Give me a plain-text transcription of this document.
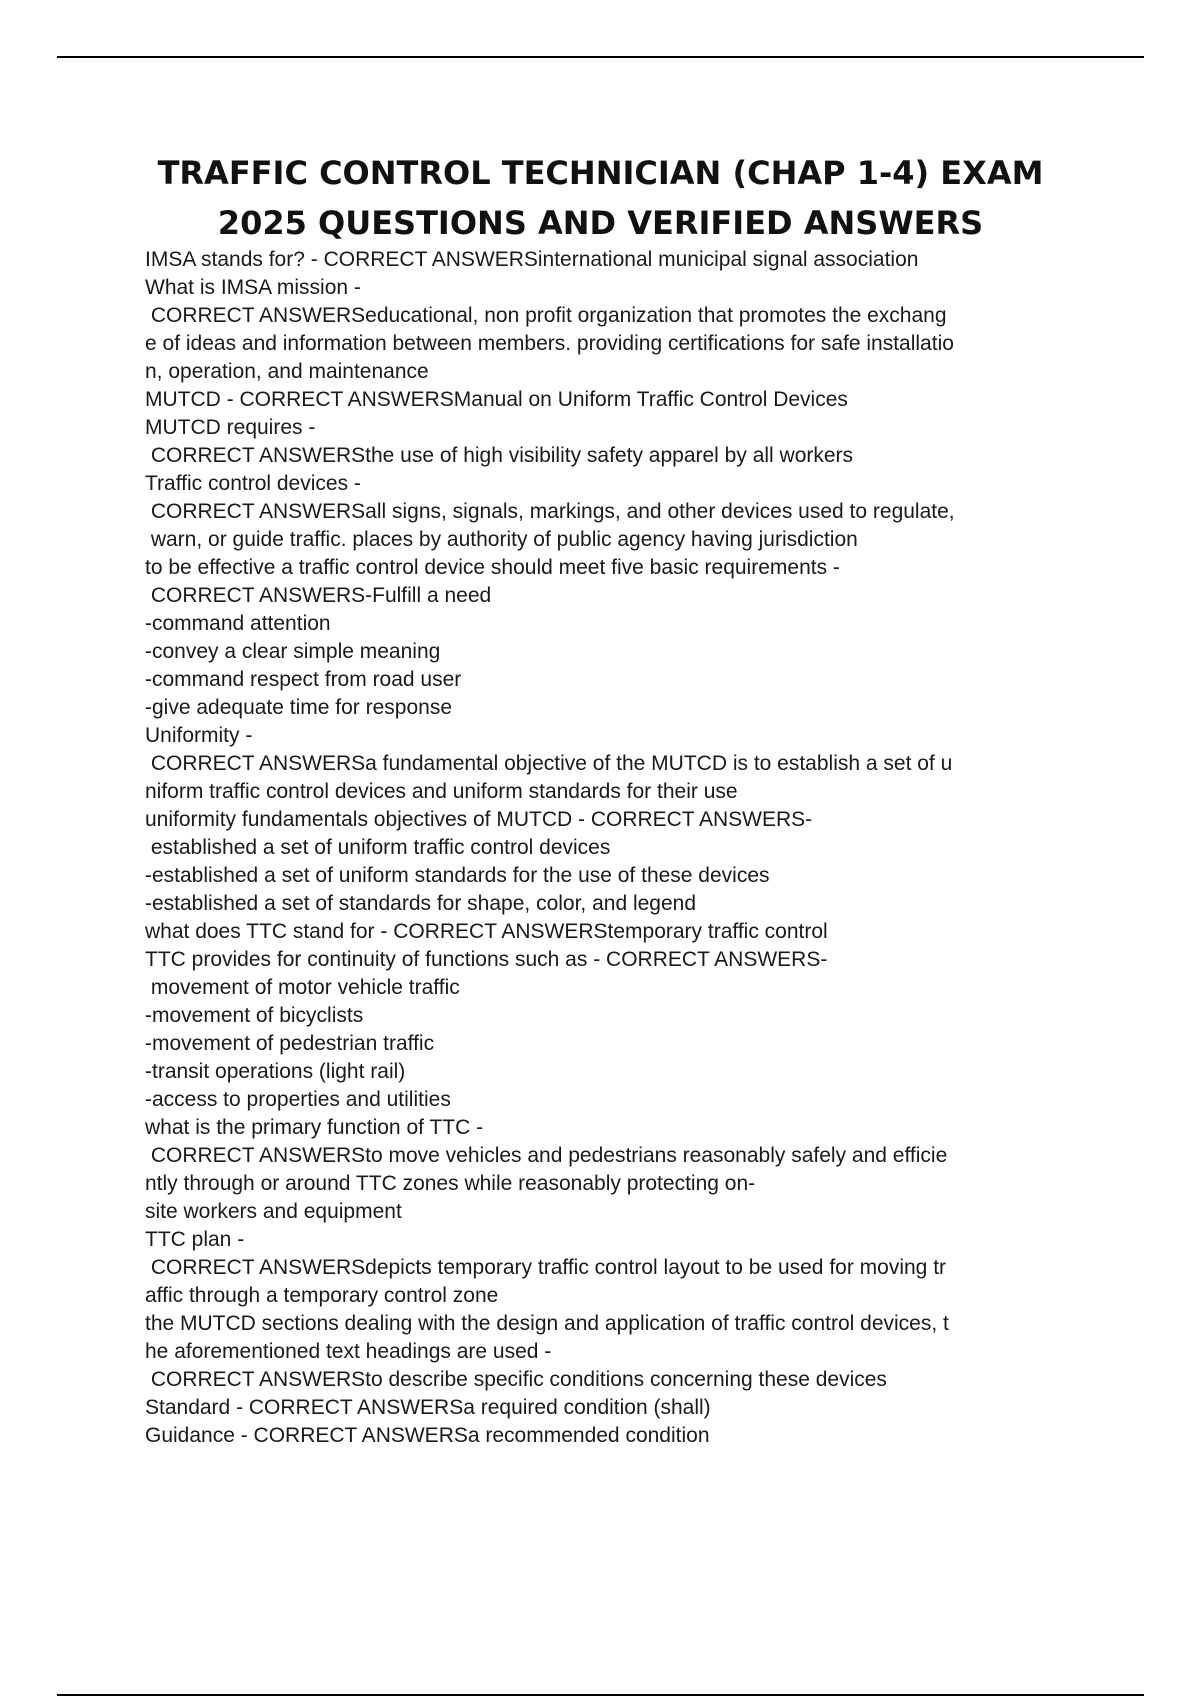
TRAFFIC CONTROL TECHNICIAN (CHAP 1-4) EXAM
2025 QUESTIONS AND VERIFIED ANSWERS
IMSA stands for? - CORRECT ANSWERSinternational municipal signal association
What is IMSA mission -
CORRECT ANSWERSeducational, non profit organization that promotes the exchang
e of ideas and information between members. providing certifications for safe installatio
n, operation, and maintenance
MUTCD - CORRECT ANSWERSManual on Uniform Traffic Control Devices
MUTCD requires -
CORRECT ANSWERSthe use of high visibility safety apparel by all workers
Traffic control devices -
CORRECT ANSWERSall signs, signals, markings, and other devices used to regulate,
warn, or guide traffic. places by authority of public agency having jurisdiction
to be effective a traffic control device should meet five basic requirements -
CORRECT ANSWERS-Fulfill a need
-command attention
-convey a clear simple meaning
-command respect from road user
-give adequate time for response
Uniformity -
CORRECT ANSWERSa fundamental objective of the MUTCD is to establish a set of u
niform traffic control devices and uniform standards for their use
uniformity fundamentals objectives of MUTCD - CORRECT ANSWERS-
established a set of uniform traffic control devices
-established a set of uniform standards for the use of these devices
-established a set of standards for shape, color, and legend
what does TTC stand for - CORRECT ANSWERStemporary traffic control
TTC provides for continuity of functions such as - CORRECT ANSWERS-
movement of motor vehicle traffic
-movement of bicyclists
-movement of pedestrian traffic
-transit operations (light rail)
-access to properties and utilities
what is the primary function of TTC -
CORRECT ANSWERSto move vehicles and pedestrians reasonably safely and efficie
ntly through or around TTC zones while reasonably protecting on-
site workers and equipment
TTC plan -
CORRECT ANSWERSdepicts temporary traffic control layout to be used for moving tr
affic through a temporary control zone
the MUTCD sections dealing with the design and application of traffic control devices, t
he aforementioned text headings are used -
CORRECT ANSWERSto describe specific conditions concerning these devices
Standard - CORRECT ANSWERSa required condition (shall)
Guidance - CORRECT ANSWERSa recommended condition
